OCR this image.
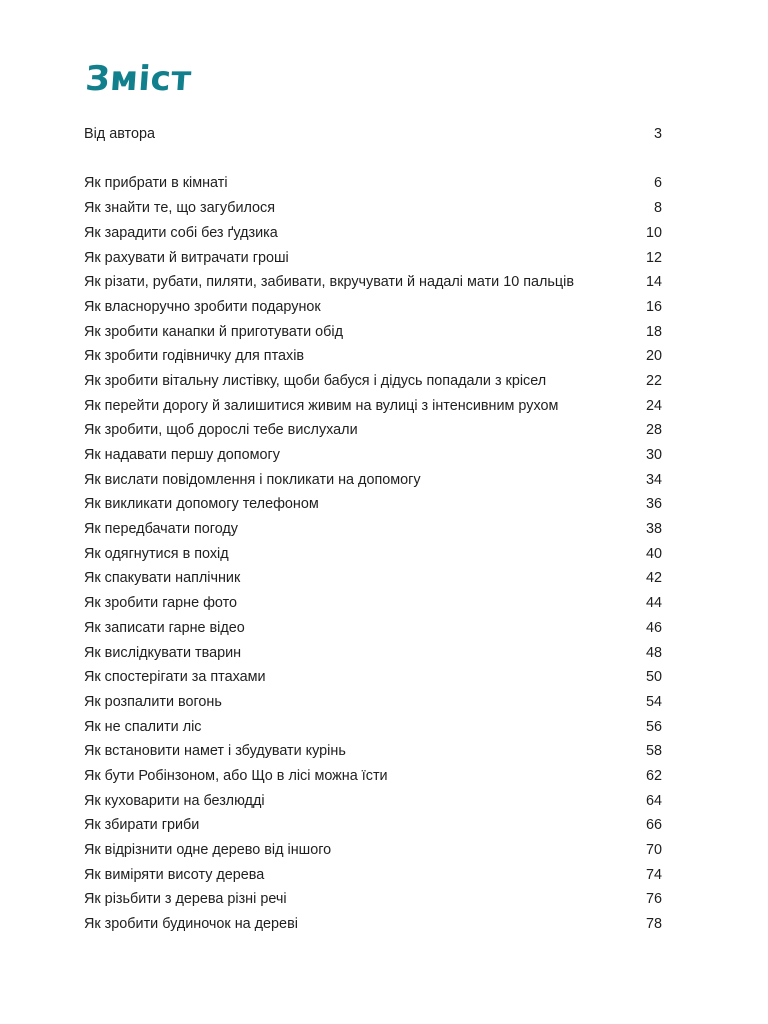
Зміст
Від автора	3
Як прибрати в кімнаті	6
Як знайти те, що загубилося	8
Як зарадити собі без ґудзика	10
Як рахувати й витрачати гроші	12
Як різати, рубати, пиляти, забивати, вкручувати й надалі мати 10 пальців	14
Як власноручно зробити подарунок	16
Як зробити канапки й приготувати обід	18
Як зробити годівничку для птахів	20
Як зробити вітальну листівку, щоби бабуся і дідусь попадали з крісел	22
Як перейти дорогу й залишитися живим на вулиці з інтенсивним рухом	24
Як зробити, щоб дорослі тебе вислухали	28
Як надавати першу допомогу	30
Як вислати повідомлення і покликати на допомогу	34
Як викликати допомогу телефоном	36
Як передбачати погоду	38
Як одягнутися в похід	40
Як спакувати наплічник	42
Як зробити гарне фото	44
Як записати гарне відео	46
Як вислідкувати тварин	48
Як спостерігати за птахами	50
Як розпалити вогонь	54
Як не спалити ліс	56
Як встановити намет і збудувати курінь	58
Як бути Робінзоном, або Що в лісі можна їсти	62
Як куховарити на безлюдді	64
Як збирати гриби	66
Як відрізнити одне дерево від іншого	70
Як виміряти висоту дерева	74
Як різьбити з дерева різні речі	76
Як зробити будиночок на дереві	78
